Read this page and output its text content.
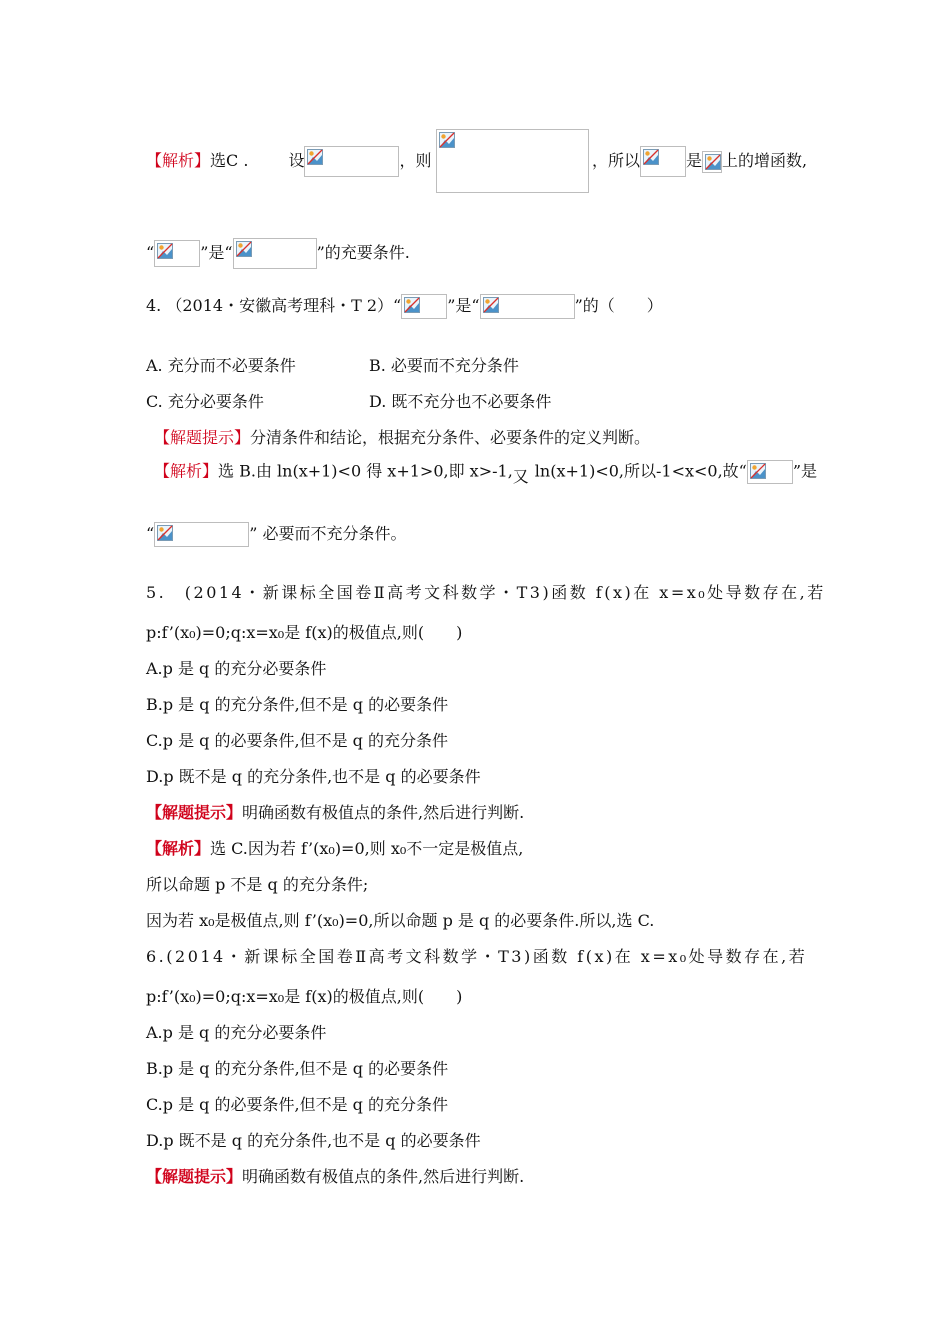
【解析】选C .	设	，则	，所以	是 上的增函数,
“	”是“	”的充要条件.
4. （2014・安徽高考理科・T 2）“	”是“	”的（　　）
A. 充分而不必要条件	B. 必要而不充分条件
C. 充分必要条件	D. 既不充分也不必要条件
【解题提示】分清条件和结论，根据充分条件、必要条件的定义判断。
【解析】选 B.由 ln(x+1)<0 得 x+1>0,即 x>-1,又 ln(x+1)<0,所以-1<x<0,故“	”是
“	” 必要而不充分条件。
5.　(2014・新课标全国卷Ⅱ高考文科数学・T3)函数 f(x)在 x=x₀处导数存在,若
p:f’(x₀)=0;q:x=x₀是 f(x)的极值点,则(　　)
A.p 是 q 的充分必要条件
B.p 是 q 的充分条件,但不是 q 的必要条件
C.p 是 q 的必要条件,但不是 q 的充分条件
D.p 既不是 q 的充分条件,也不是 q 的必要条件
【解题提示】明确函数有极值点的条件,然后进行判断.
【解析】选 C.因为若 f’(x₀)=0,则 x₀不一定是极值点,
所以命题 p 不是 q 的充分条件;
因为若 x₀是极值点,则 f’(x₀)=0,所以命题 p 是 q 的必要条件.所以,选 C.
6.(2014・新课标全国卷Ⅱ高考文科数学・T3)函数 f(x)在 x=x₀处导数存在,若
p:f’(x₀)=0;q:x=x₀是 f(x)的极值点,则(　　)
A.p 是 q 的充分必要条件
B.p 是 q 的充分条件,但不是 q 的必要条件
C.p 是 q 的必要条件,但不是 q 的充分条件
D.p 既不是 q 的充分条件,也不是 q 的必要条件
【解题提示】明确函数有极值点的条件,然后进行判断.
